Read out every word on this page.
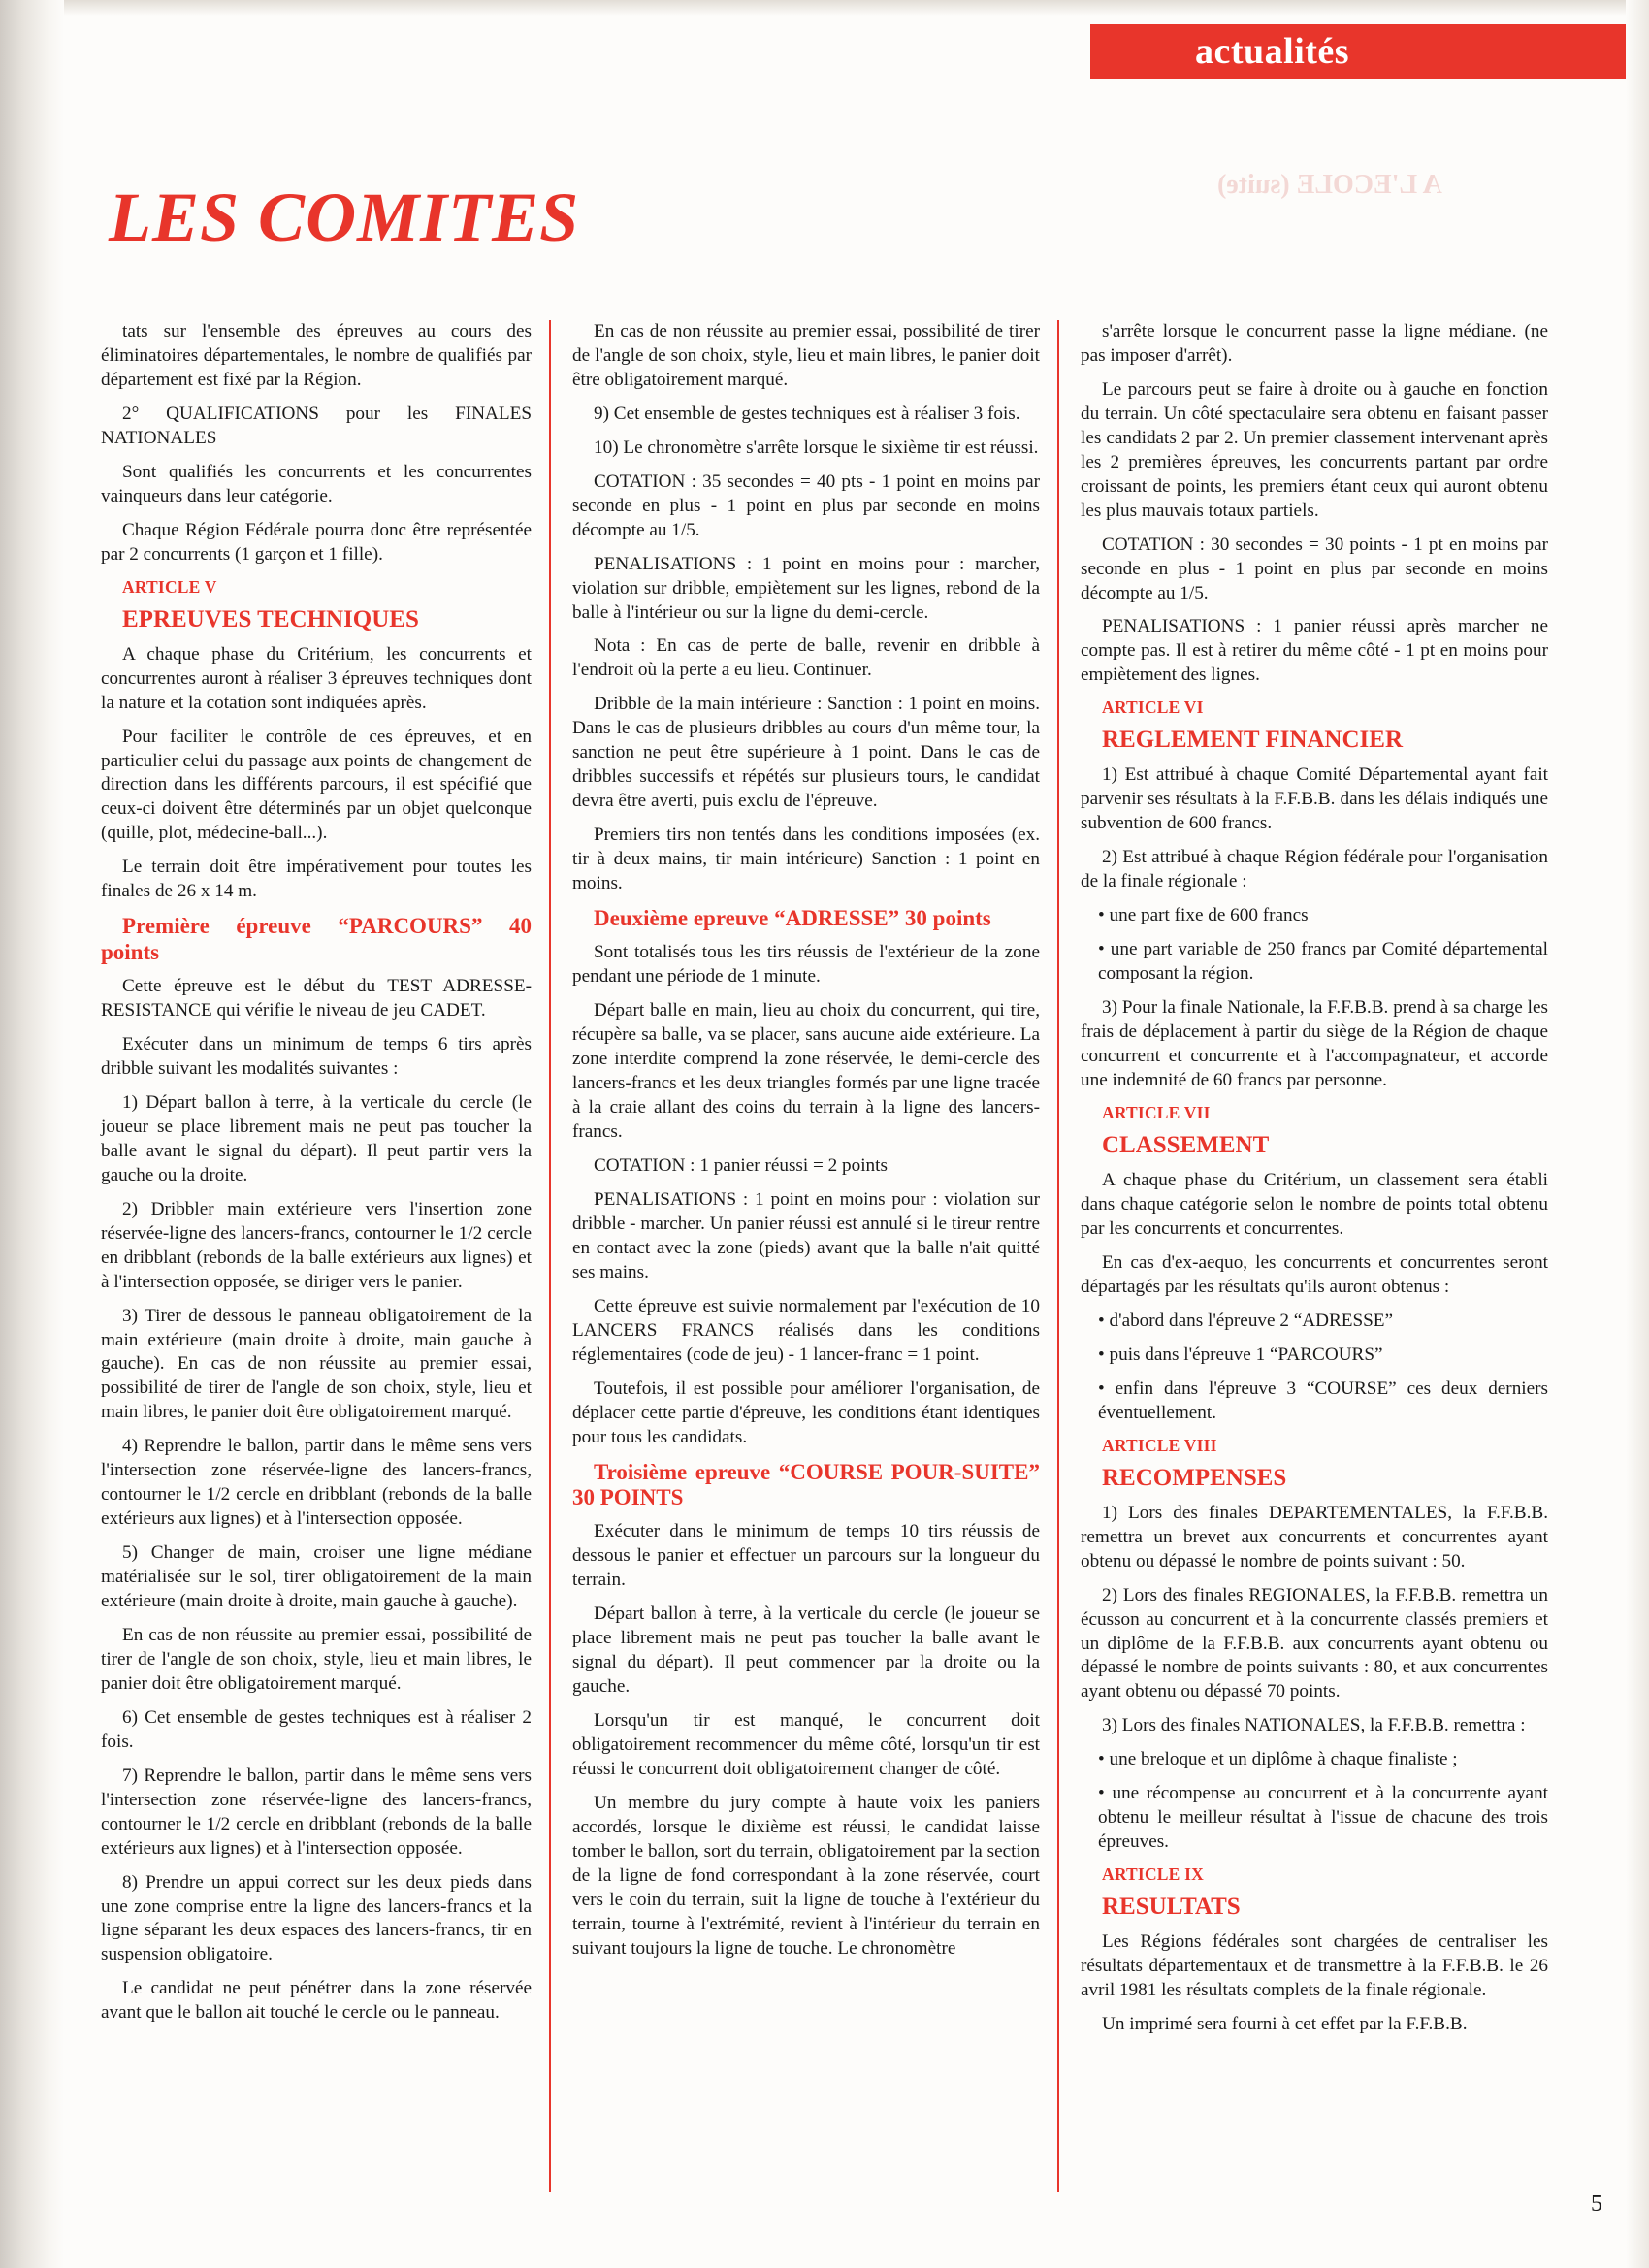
actualités
A L'ECOLE (suite)
LES COMITES

tats sur l'ensemble des épreuves au cours des éliminatoires départementales, le nombre de qualifiés par département est fixé par la Région.

2° QUALIFICATIONS pour les FINALES NATIONALES

Sont qualifiés les concurrents et les concurrentes vainqueurs dans leur catégorie.

Chaque Région Fédérale pourra donc être représentée par 2 concurrents (1 garçon et 1 fille).

ARTICLE V

EPREUVES TECHNIQUES

A chaque phase du Critérium, les concurrents et concurrentes auront à réaliser 3 épreuves techniques dont la nature et la cotation sont indiquées après.

Pour faciliter le contrôle de ces épreuves, et en particulier celui du passage aux points de changement de direction dans les différents parcours, il est spécifié que ceux-ci doivent être déterminés par un objet quelconque (quille, plot, médecine-ball...).

Le terrain doit être impérativement pour toutes les finales de 26 x 14 m.

Première épreuve “PARCOURS” 40 points

Cette épreuve est le début du TEST ADRESSE-RESISTANCE qui vérifie le niveau de jeu CADET.

Exécuter dans un minimum de temps 6 tirs après dribble suivant les modalités suivantes :

1) Départ ballon à terre, à la verticale du cercle (le joueur se place librement mais ne peut pas toucher la balle avant le signal du départ). Il peut partir vers la gauche ou la droite.

2) Dribbler main extérieure vers l'insertion zone réservée-ligne des lancers-francs, contourner le 1/2 cercle en dribblant (rebonds de la balle extérieurs aux lignes) et à l'intersection opposée, se diriger vers le panier.

3) Tirer de dessous le panneau obligatoirement de la main extérieure (main droite à droite, main gauche à gauche). En cas de non réussite au premier essai, possibilité de tirer de l'angle de son choix, style, lieu et main libres, le panier doit être obligatoirement marqué.

4) Reprendre le ballon, partir dans le même sens vers l'intersection zone réservée-ligne des lancers-francs, contourner le 1/2 cercle en dribblant (rebonds de la balle extérieurs aux lignes) et à l'intersection opposée.

5) Changer de main, croiser une ligne médiane matérialisée sur le sol, tirer obligatoirement de la main extérieure (main droite à droite, main gauche à gauche).

En cas de non réussite au premier essai, possibilité de tirer de l'angle de son choix, style, lieu et main libres, le panier doit être obligatoirement marqué.

6) Cet ensemble de gestes techniques est à réaliser 2 fois.

7) Reprendre le ballon, partir dans le même sens vers l'intersection zone réservée-ligne des lancers-francs, contourner le 1/2 cercle en dribblant (rebonds de la balle extérieurs aux lignes) et à l'intersection opposée.

8) Prendre un appui correct sur les deux pieds dans une zone comprise entre la ligne des lancers-francs et la ligne séparant les deux espaces des lancers-francs, tir en suspension obligatoire.

Le candidat ne peut pénétrer dans la zone réservée avant que le ballon ait touché le cercle ou le panneau.

En cas de non réussite au premier essai, possibilité de tirer de l'angle de son choix, style, lieu et main libres, le panier doit être obligatoirement marqué.

9) Cet ensemble de gestes techniques est à réaliser 3 fois.

10) Le chronomètre s'arrête lorsque le sixième tir est réussi.

COTATION : 35 secondes = 40 pts - 1 point en moins par seconde en plus - 1 point en plus par seconde en moins décompte au 1/5.

PENALISATIONS : 1 point en moins pour : marcher, violation sur dribble, empiètement sur les lignes, rebond de la balle à l'intérieur ou sur la ligne du demi-cercle.

Nota : En cas de perte de balle, revenir en dribble à l'endroit où la perte a eu lieu. Continuer.

Dribble de la main intérieure : Sanction : 1 point en moins. Dans le cas de plusieurs dribbles au cours d'un même tour, la sanction ne peut être supérieure à 1 point. Dans le cas de dribbles successifs et répétés sur plusieurs tours, le candidat devra être averti, puis exclu de l'épreuve.

Premiers tirs non tentés dans les conditions imposées (ex. tir à deux mains, tir main intérieure) Sanction : 1 point en moins.

Deuxième epreuve “ADRESSE” 30 points

Sont totalisés tous les tirs réussis de l'extérieur de la zone pendant une période de 1 minute.

Départ balle en main, lieu au choix du concurrent, qui tire, récupère sa balle, va se placer, sans aucune aide extérieure. La zone interdite comprend la zone réservée, le demi-cercle des lancers-francs et les deux triangles formés par une ligne tracée à la craie allant des coins du terrain à la ligne des lancers-francs.

COTATION : 1 panier réussi = 2 points

PENALISATIONS : 1 point en moins pour : violation sur dribble - marcher. Un panier réussi est annulé si le tireur rentre en contact avec la zone (pieds) avant que la balle n'ait quitté ses mains.

Cette épreuve est suivie normalement par l'exécution de 10 LANCERS FRANCS réalisés dans les conditions réglementaires (code de jeu) - 1 lancer-franc = 1 point.

Toutefois, il est possible pour améliorer l'organisation, de déplacer cette partie d'épreuve, les conditions étant identiques pour tous les candidats.

Troisième epreuve “COURSE POUR-SUITE” 30 POINTS

Exécuter dans le minimum de temps 10 tirs réussis de dessous le panier et effectuer un parcours sur la longueur du terrain.

Départ ballon à terre, à la verticale du cercle (le joueur se place librement mais ne peut pas toucher la balle avant le signal du départ). Il peut commencer par la droite ou la gauche.

Lorsqu'un tir est manqué, le concurrent doit obligatoirement recommencer du même côté, lorsqu'un tir est réussi le concurrent doit obligatoirement changer de côté.

Un membre du jury compte à haute voix les paniers accordés, lorsque le dixième est réussi, le candidat laisse tomber le ballon, sort du terrain, obligatoirement par la section de la ligne de fond correspondant à la zone réservée, court vers le coin du terrain, suit la ligne de touche à l'extérieur du terrain, tourne à l'extrémité, revient à l'intérieur du terrain en suivant toujours la ligne de touche. Le chronomètre

s'arrête lorsque le concurrent passe la ligne médiane. (ne pas imposer d'arrêt).

Le parcours peut se faire à droite ou à gauche en fonction du terrain. Un côté spectaculaire sera obtenu en faisant passer les candidats 2 par 2. Un premier classement intervenant après les 2 premières épreuves, les concurrents partant par ordre croissant de points, les premiers étant ceux qui auront obtenu les plus mauvais totaux partiels.

COTATION : 30 secondes = 30 points - 1 pt en moins par seconde en plus - 1 point en plus par seconde en moins décompte au 1/5.

PENALISATIONS : 1 panier réussi après marcher ne compte pas. Il est à retirer du même côté - 1 pt en moins pour empiètement des lignes.

ARTICLE VI

REGLEMENT FINANCIER

1) Est attribué à chaque Comité Départemental ayant fait parvenir ses résultats à la F.F.B.B. dans les délais indiqués une subvention de 600 francs.

2) Est attribué à chaque Région fédérale pour l'organisation de la finale régionale :

• une part fixe de 600 francs

• une part variable de 250 francs par Comité départemental composant la région.

3) Pour la finale Nationale, la F.F.B.B. prend à sa charge les frais de déplacement à partir du siège de la Région de chaque concurrent et concurrente et à l'accompagnateur, et accorde une indemnité de 60 francs par personne.

ARTICLE VII

CLASSEMENT

A chaque phase du Critérium, un classement sera établi dans chaque catégorie selon le nombre de points total obtenu par les concurrents et concurrentes.

En cas d'ex-aequo, les concurrents et concurrentes seront départagés par les résultats qu'ils auront obtenus :

• d'abord dans l'épreuve 2 “ADRESSE”

• puis dans l'épreuve 1 “PARCOURS”

• enfin dans l'épreuve 3 “COURSE” ces deux derniers éventuellement.

ARTICLE VIII

RECOMPENSES

1) Lors des finales DEPARTEMENTALES, la F.F.B.B. remettra un brevet aux concurrents et concurrentes ayant obtenu ou dépassé le nombre de points suivant : 50.

2) Lors des finales REGIONALES, la F.F.B.B. remettra un écusson au concurrent et à la concurrente classés premiers et un diplôme de la F.F.B.B. aux concurrents ayant obtenu ou dépassé le nombre de points suivants : 80, et aux concurrentes ayant obtenu ou dépassé 70 points.

3) Lors des finales NATIONALES, la F.F.B.B. remettra :

• une breloque et un diplôme à chaque finaliste ;

• une récompense au concurrent et à la concurrente ayant obtenu le meilleur résultat à l'issue de chacune des trois épreuves.

ARTICLE IX

RESULTATS

Les Régions fédérales sont chargées de centraliser les résultats départementaux et de transmettre à la F.F.B.B. le 26 avril 1981 les résultats complets de la finale régionale.

Un imprimé sera fourni à cet effet par la F.F.B.B.

5
